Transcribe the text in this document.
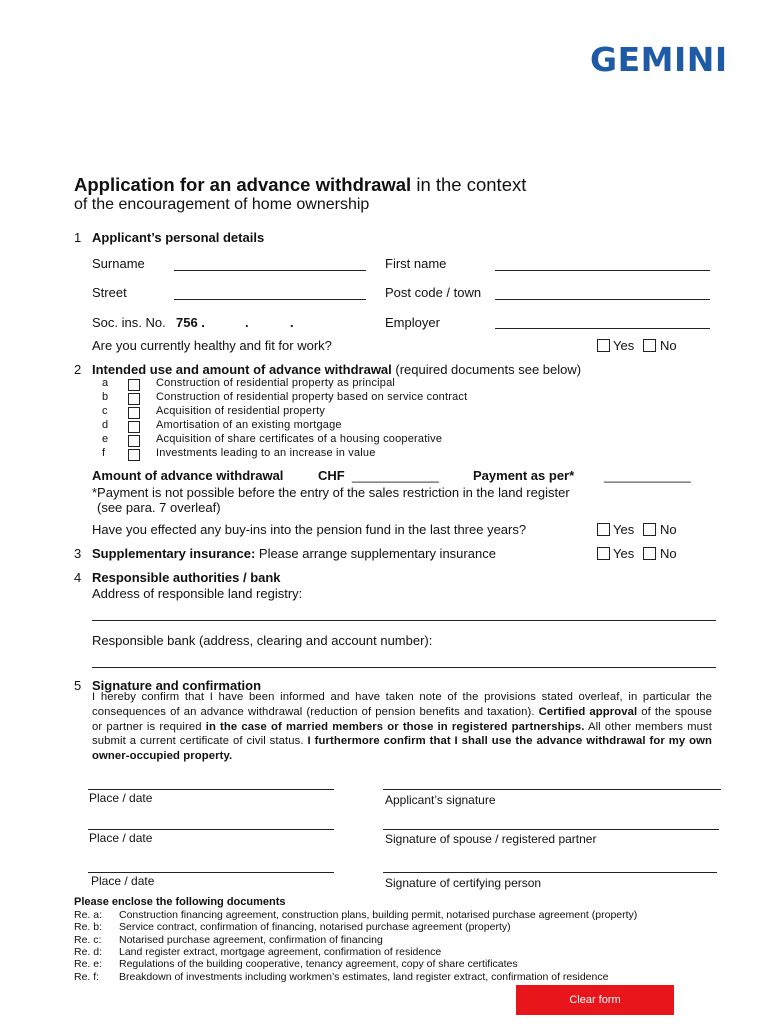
GEMINI
Application for an advance withdrawal in the context
of the encouragement of home ownership
1 Applicant’s personal details
Surname	First name
Street	Post code / town
Soc. ins. No. 756 .	.	.	Employer
Are you currently healthy and fit for work?	Yes	No
2 Intended use and amount of advance withdrawal (required documents see below)
a	Construction of residential property as principal
b	Construction of residential property based on service contract
c	Acquisition of residential property
d	Amortisation of an existing mortgage
e	Acquisition of share certificates of a housing cooperative
f	Investments leading to an increase in value
Amount of advance withdrawal	CHF ____________	Payment as per* ____________
*Payment is not possible before the entry of the sales restriction in the land register
(see para. 7 overleaf)
Have you effected any buy-ins into the pension fund in the last three years?	Yes	No
3 Supplementary insurance: Please arrange supplementary insurance	Yes	No
4 Responsible authorities / bank
Address of responsible land registry:
Responsible bank (address, clearing and account number):
5 Signature and confirmation
I hereby confirm that I have been informed and have taken note of the provisions stated overleaf, in particular the consequences of an advance withdrawal (reduction of pension benefits and taxation). Certified approval of the spouse or partner is required in the case of married members or those in registered partnerships. All other members must submit a current certificate of civil status. I furthermore confirm that I shall use the advance withdrawal for my own owner-occupied property.
Place / date	Applicant’s signature
Place / date	Signature of spouse / registered partner
Place / date	Signature of certifying person
Please enclose the following documents
Re. a: Construction financing agreement, construction plans, building permit, notarised purchase agreement (property)
Re. b: Service contract, confirmation of financing, notarised purchase agreement (property)
Re. c: Notarised purchase agreement, confirmation of financing
Re. d: Land register extract, mortgage agreement, confirmation of residence
Re. e: Regulations of the building cooperative, tenancy agreement, copy of share certificates
Re. f: Breakdown of investments including workmen’s estimates, land register extract, confirmation of residence
Clear form
